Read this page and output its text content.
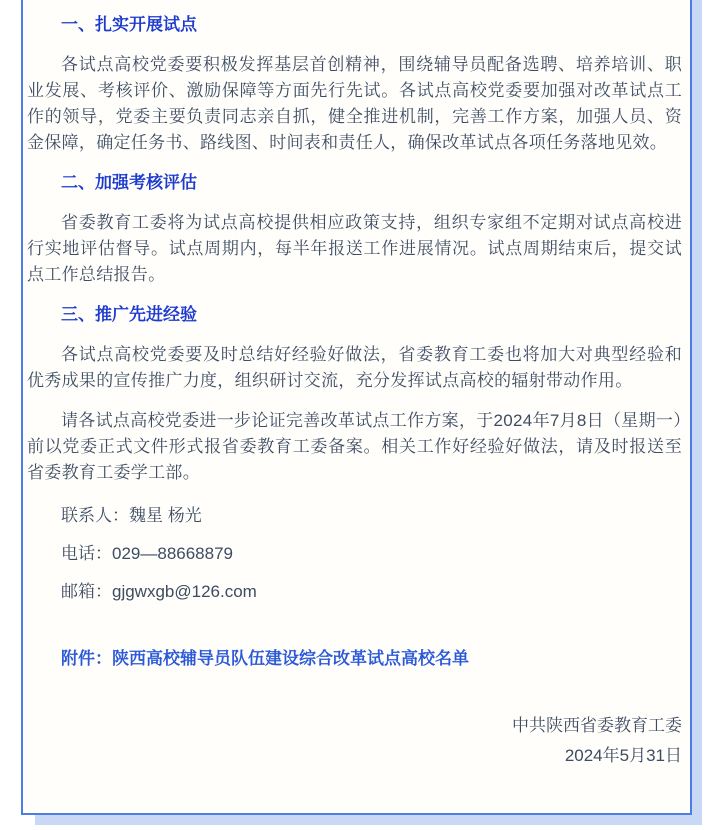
一、扎实开展试点

各试点高校党委要积极发挥基层首创精神，围绕辅导员配备选聘、培养培训、职业发展、考核评价、激励保障等方面先行先试。各试点高校党委要加强对改革试点工作的领导，党委主要负责同志亲自抓，健全推进机制，完善工作方案，加强人员、资金保障，确定任务书、路线图、时间表和责任人，确保改革试点各项任务落地见效。

二、加强考核评估

省委教育工委将为试点高校提供相应政策支持，组织专家组不定期对试点高校进行实地评估督导。试点周期内，每半年报送工作进展情况。试点周期结束后，提交试点工作总结报告。

三、推广先进经验

各试点高校党委要及时总结好经验好做法，省委教育工委也将加大对典型经验和优秀成果的宣传推广力度，组织研讨交流，充分发挥试点高校的辐射带动作用。

请各试点高校党委进一步论证完善改革试点工作方案，于2024年7月8日（星期一）前以党委正式文件形式报省委教育工委备案。相关工作好经验好做法，请及时报送至省委教育工委学工部。

联系人：魏星 杨光

电话：029—88668879

邮箱：gjgwxgb@126.com

附件：陕西高校辅导员队伍建设综合改革试点高校名单

中共陕西省委教育工委

2024年5月31日
